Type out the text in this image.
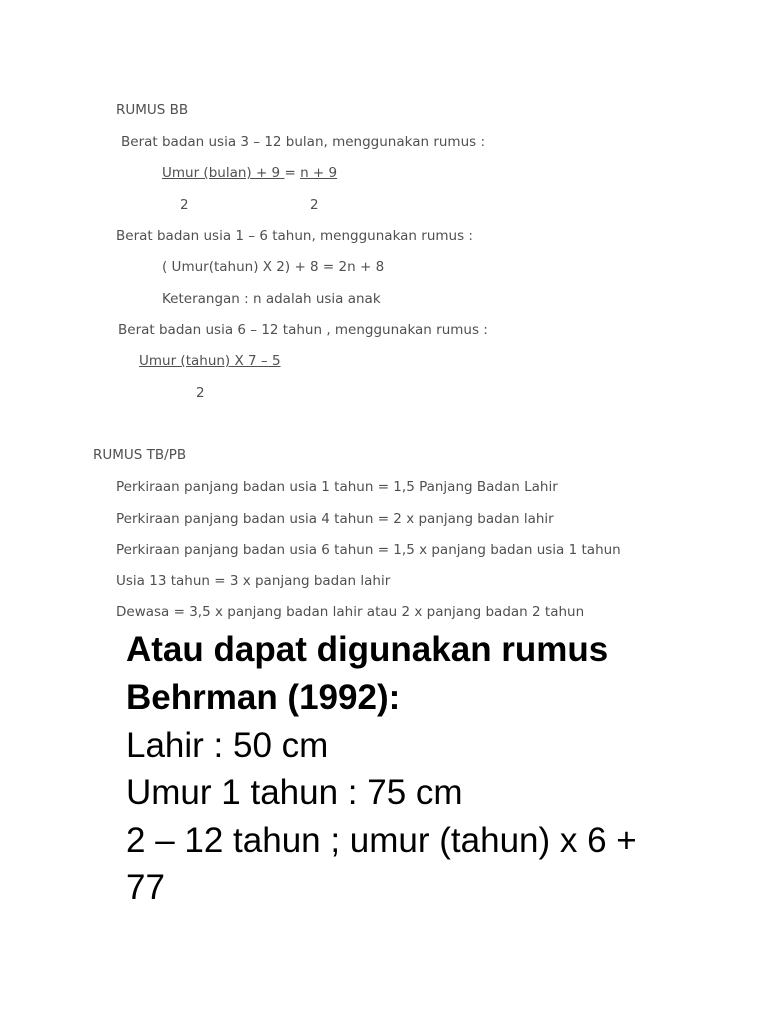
RUMUS BB
Berat badan usia 3 – 12 bulan, menggunakan rumus :
Umur (bulan) + 9 = n + 9
2	2
Berat badan usia 1 – 6 tahun, menggunakan rumus :
( Umur(tahun) X 2) + 8 = 2n + 8
Keterangan : n adalah usia anak
Berat badan usia 6 – 12 tahun , menggunakan rumus :
Umur (tahun) X 7 – 5
2
RUMUS TB/PB
Perkiraan panjang badan usia 1 tahun = 1,5 Panjang Badan Lahir
Perkiraan panjang badan usia 4 tahun = 2 x panjang badan lahir
Perkiraan panjang badan usia 6 tahun = 1,5 x panjang badan usia 1 tahun
Usia 13 tahun = 3 x panjang badan lahir
Dewasa = 3,5 x panjang badan lahir atau 2 x panjang badan 2 tahun
Atau dapat digunakan rumus
Behrman (1992):
Lahir : 50 cm
Umur 1 tahun : 75 cm
2 – 12 tahun ; umur (tahun) x 6 +
77
